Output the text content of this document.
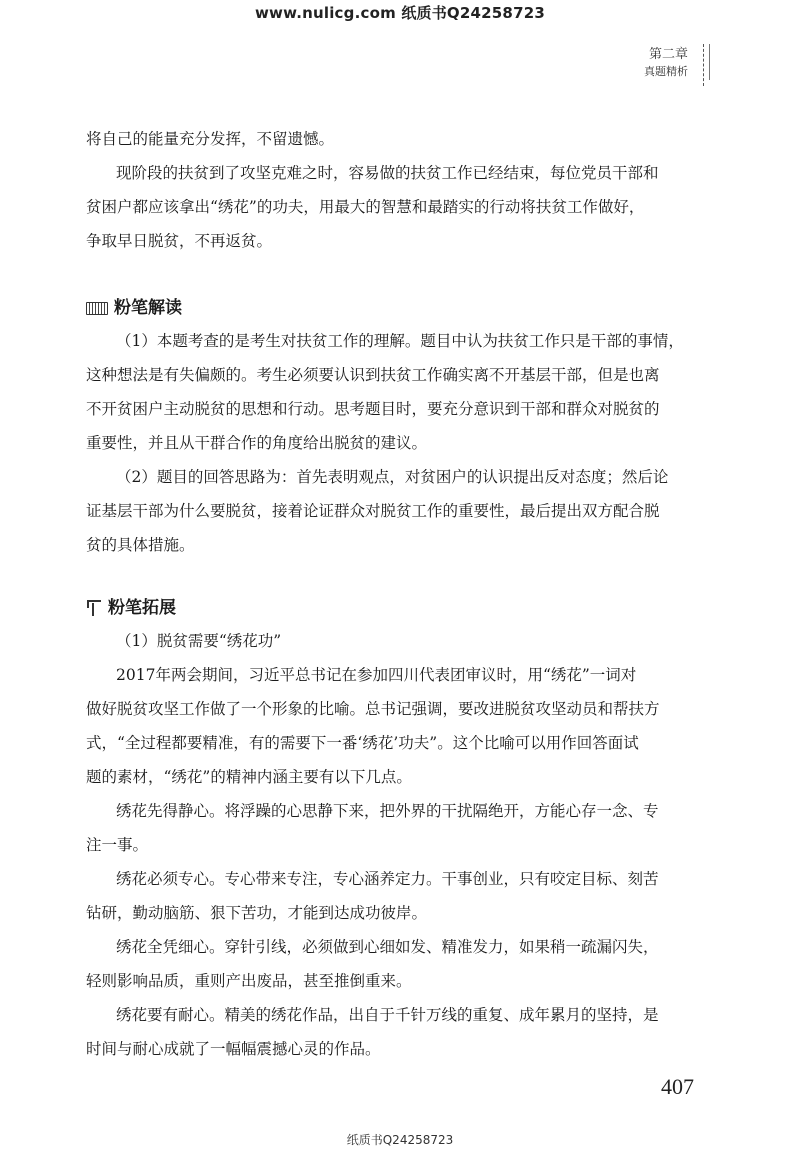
www.nulicg.com 纸质书Q24258723
第二章
真题精析
将自己的能量充分发挥，不留遗憾。
现阶段的扶贫到了攻坚克难之时，容易做的扶贫工作已经结束，每位党员干部和
贫困户都应该拿出“绣花”的功夫，用最大的智慧和最踏实的行动将扶贫工作做好，
争取早日脱贫，不再返贫。
粉笔解读
（1）本题考查的是考生对扶贫工作的理解。题目中认为扶贫工作只是干部的事情，
这种想法是有失偏颇的。考生必须要认识到扶贫工作确实离不开基层干部，但是也离
不开贫困户主动脱贫的思想和行动。思考题目时，要充分意识到干部和群众对脱贫的
重要性，并且从干群合作的角度给出脱贫的建议。
（2）题目的回答思路为：首先表明观点，对贫困户的认识提出反对态度；然后论
证基层干部为什么要脱贫，接着论证群众对脱贫工作的重要性，最后提出双方配合脱
贫的具体措施。
粉笔拓展
（1）脱贫需要“绣花功”
2017年两会期间，习近平总书记在参加四川代表团审议时，用“绣花”一词对
做好脱贫攻坚工作做了一个形象的比喻。总书记强调，要改进脱贫攻坚动员和帮扶方
式，“全过程都要精准，有的需要下一番‘绣花’功夫”。这个比喻可以用作回答面试
题的素材，“绣花”的精神内涵主要有以下几点。
绣花先得静心。将浮躁的心思静下来，把外界的干扰隔绝开，方能心存一念、专
注一事。
绣花必须专心。专心带来专注，专心涵养定力。干事创业，只有咬定目标、刻苦
钻研，勤动脑筋、狠下苦功，才能到达成功彼岸。
绣花全凭细心。穿针引线，必须做到心细如发、精准发力，如果稍一疏漏闪失，
轻则影响品质，重则产出废品，甚至推倒重来。
绣花要有耐心。精美的绣花作品，出自于千针万线的重复、成年累月的坚持，是
时间与耐心成就了一幅幅震撼心灵的作品。
407
纸质书Q24258723
